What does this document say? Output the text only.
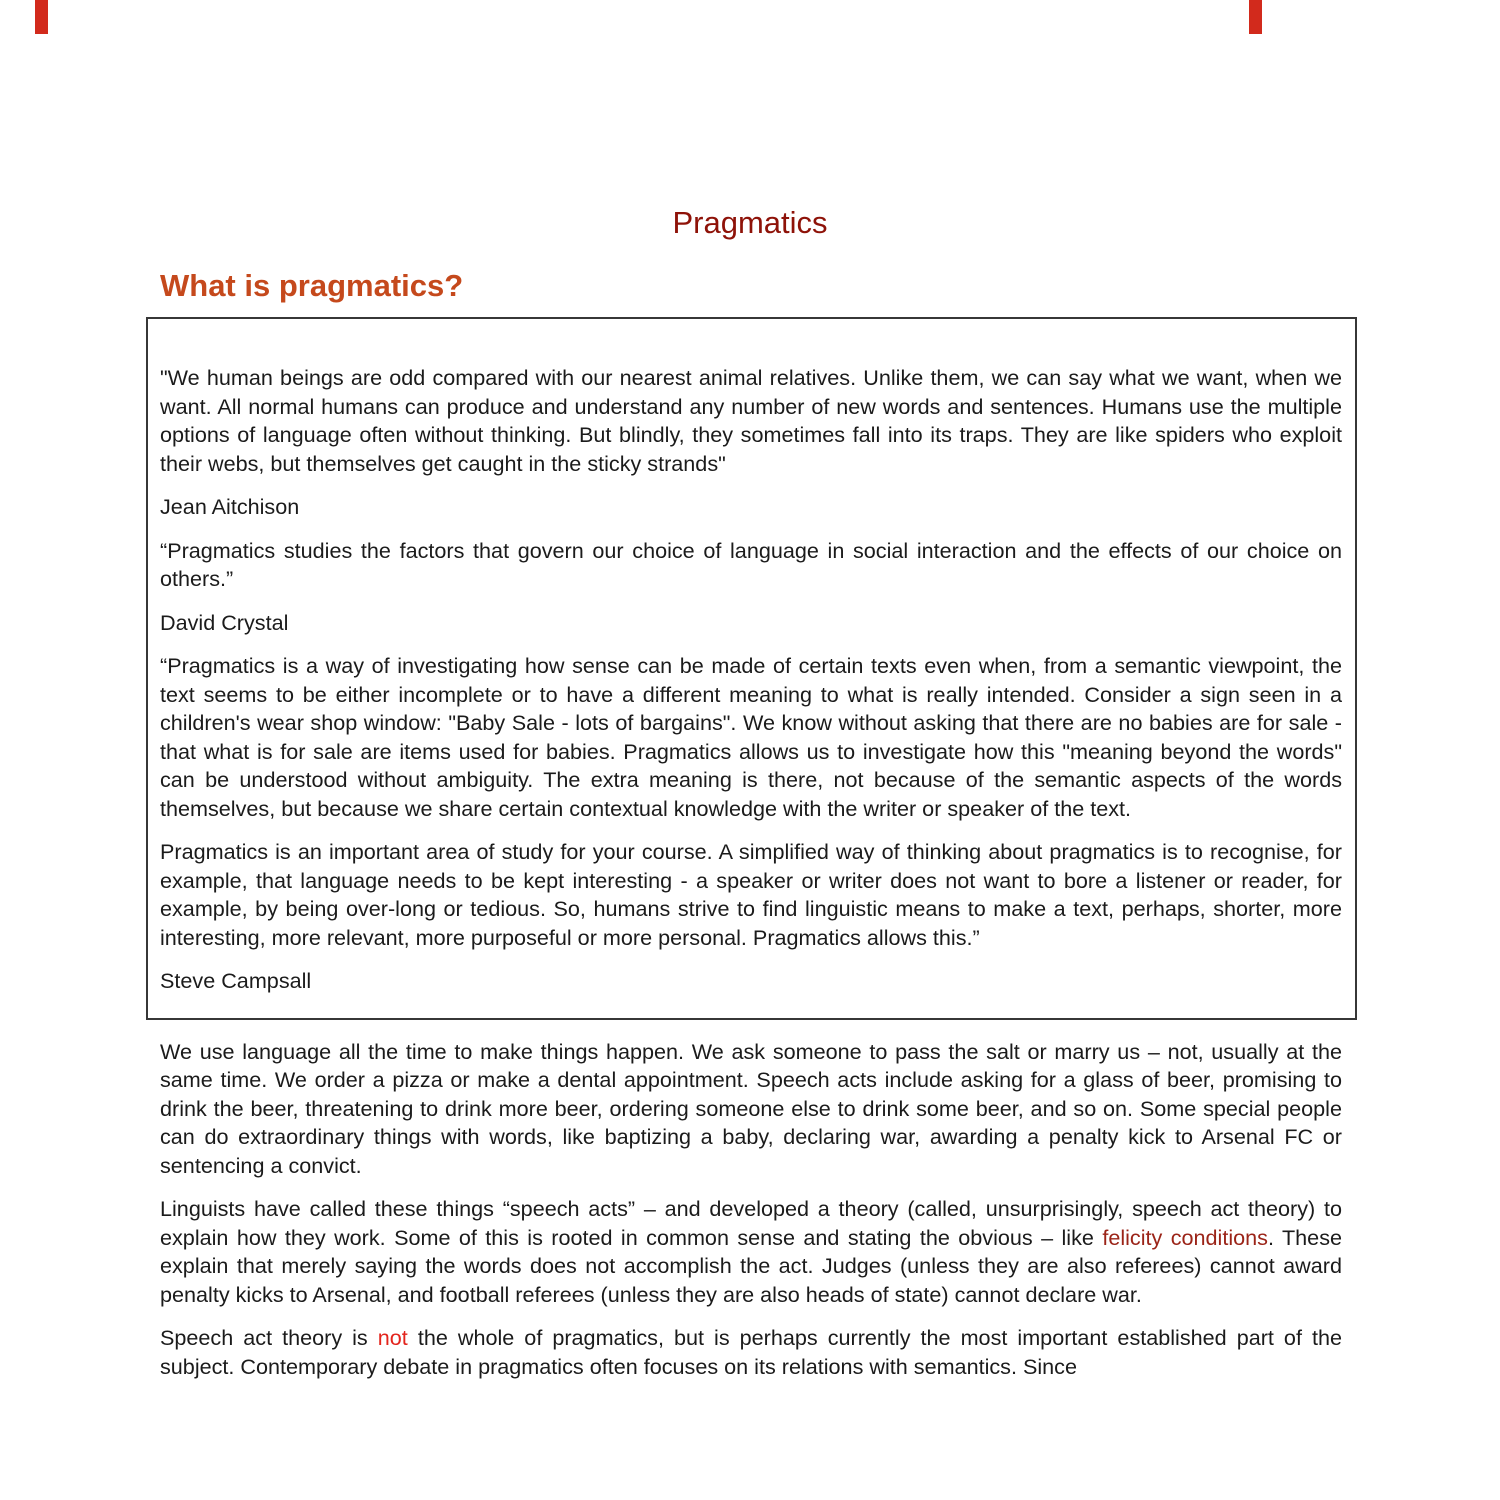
Pragmatics
What is pragmatics?

"We human beings are odd compared with our nearest animal relatives. Unlike them, we can say what we want, when we want. All normal humans can produce and understand any number of new words and sentences. Humans use the multiple options of language often without thinking. But blindly, they sometimes fall into its traps. They are like spiders who exploit their webs, but themselves get caught in the sticky strands"

Jean Aitchison

“Pragmatics studies the factors that govern our choice of language in social interaction and the effects of our choice on others.”

David Crystal

“Pragmatics is a way of investigating how sense can be made of certain texts even when, from a semantic viewpoint, the text seems to be either incomplete or to have a different meaning to what is really intended. Consider a sign seen in a children's wear shop window: "Baby Sale - lots of bargains". We know without asking that there are no babies are for sale - that what is for sale are items used for babies. Pragmatics allows us to investigate how this "meaning beyond the words" can be understood without ambiguity. The extra meaning is there, not because of the semantic aspects of the words themselves, but because we share certain contextual knowledge with the writer or speaker of the text.

Pragmatics is an important area of study for your course. A simplified way of thinking about pragmatics is to recognise, for example, that language needs to be kept interesting - a speaker or writer does not want to bore a listener or reader, for example, by being over-long or tedious. So, humans strive to find linguistic means to make a text, perhaps, shorter, more interesting, more relevant, more purposeful or more personal. Pragmatics allows this.”

Steve Campsall

We use language all the time to make things happen. We ask someone to pass the salt or marry us – not, usually at the same time. We order a pizza or make a dental appointment. Speech acts include asking for a glass of beer, promising to drink the beer, threatening to drink more beer, ordering someone else to drink some beer, and so on. Some special people can do extraordinary things with words, like baptizing a baby, declaring war, awarding a penalty kick to Arsenal FC or sentencing a convict.

Linguists have called these things “speech acts” – and developed a theory (called, unsurprisingly, speech act theory) to explain how they work. Some of this is rooted in common sense and stating the obvious – like felicity conditions. These explain that merely saying the words does not accomplish the act. Judges (unless they are also referees) cannot award penalty kicks to Arsenal, and football referees (unless they are also heads of state) cannot declare war.

Speech act theory is not the whole of pragmatics, but is perhaps currently the most important established part of the subject. Contemporary debate in pragmatics often focuses on its relations with semantics. Since
